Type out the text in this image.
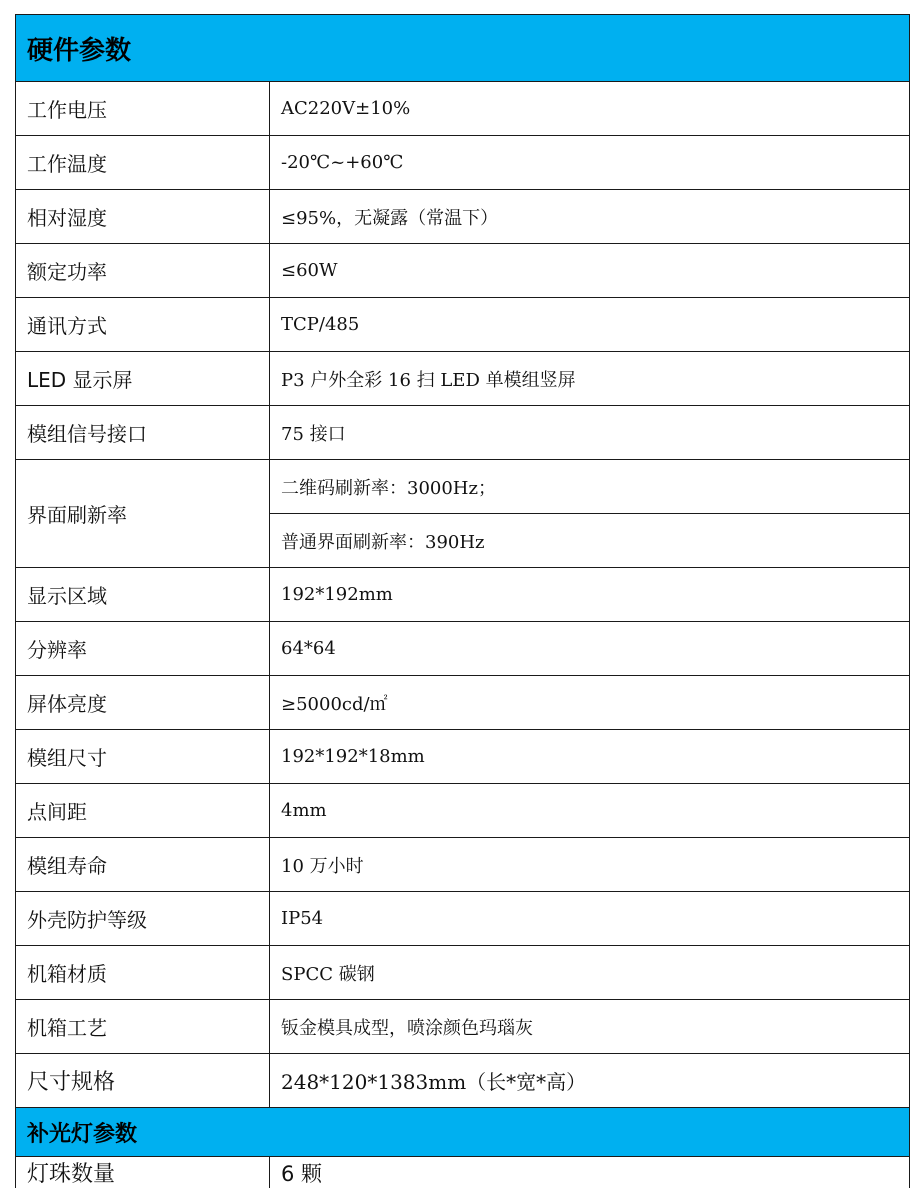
硬件参数	
工作电压	AC220V±10%
工作温度	-20℃~+60℃
相对湿度	≤95%，无凝露（常温下）
额定功率	≤60W
通讯方式	TCP/485
LED 显示屏	P3 户外全彩 16 扫 LED 单模组竖屏
模组信号接口	75 接口
界面刷新率	二维码刷新率：3000Hz；
	普通界面刷新率：390Hz
显示区域	192*192mm
分辨率	64*64
屏体亮度	≥5000cd/㎡
模组尺寸	192*192*18mm
点间距	4mm
模组寿命	10 万小时
外壳防护等级	IP54
机箱材质	SPCC 碳钢
机箱工艺	钣金模具成型，喷涂颜色玛瑙灰
尺寸规格	248*120*1383mm（长*宽*高）
补光灯参数	
灯珠数量	6 颗
